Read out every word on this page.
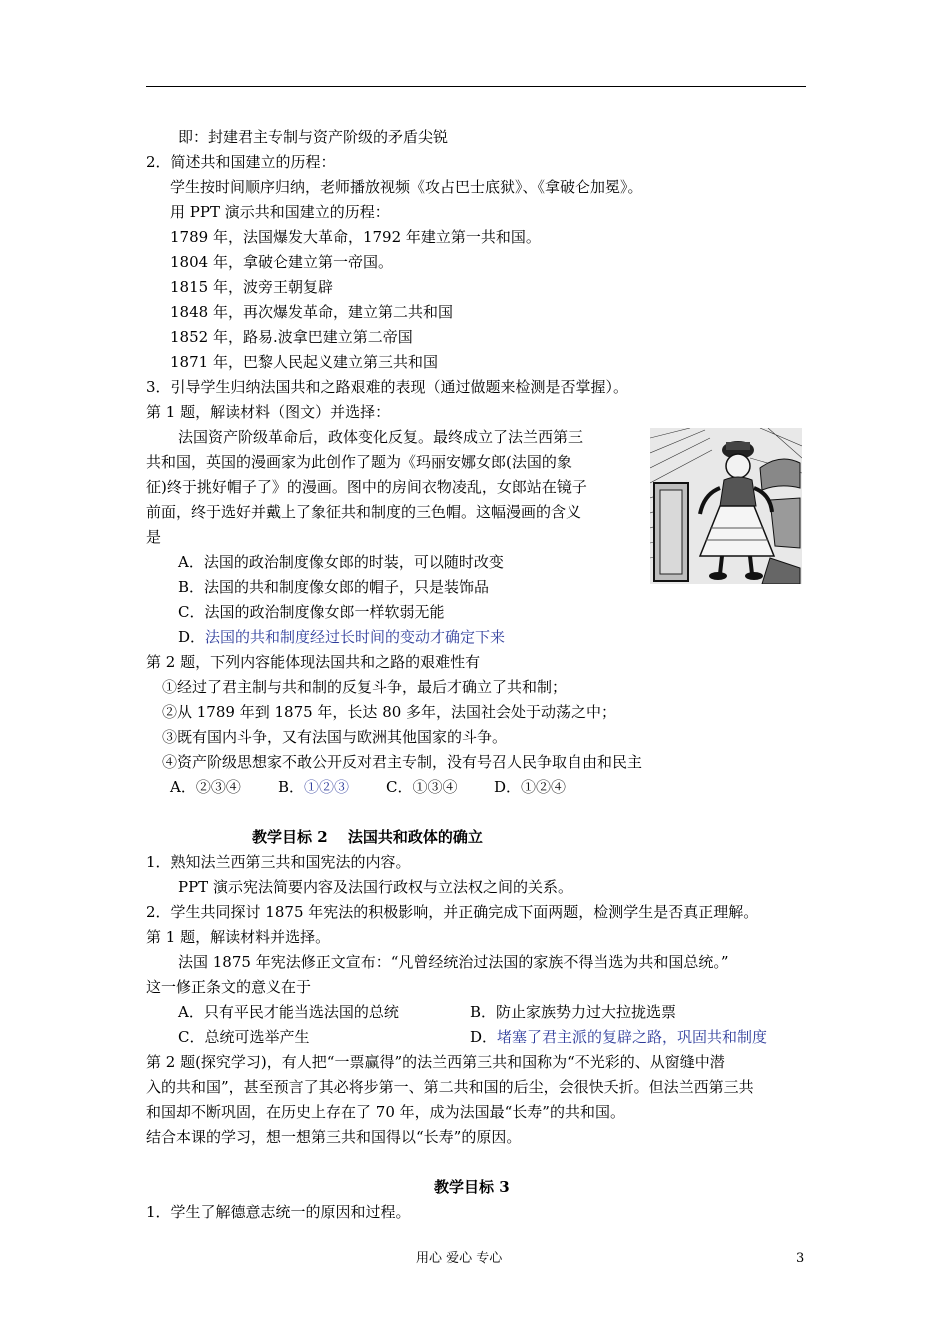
即：封建君主专制与资产阶级的矛盾尖锐
2．简述共和国建立的历程：
学生按时间顺序归纳，老师播放视频《攻占巴士底狱》、《拿破仑加冕》。
用 PPT 演示共和国建立的历程：
1789 年，法国爆发大革命，1792 年建立第一共和国。
1804 年，拿破仑建立第一帝国。
1815 年，波旁王朝复辟
1848 年，再次爆发革命，建立第二共和国
1852 年，路易.波拿巴建立第二帝国
1871 年，巴黎人民起义建立第三共和国
3．引导学生归纳法国共和之路艰难的表现（通过做题来检测是否掌握）。
第 1 题，解读材料（图文）并选择：
法国资产阶级革命后，政体变化反复。最终成立了法兰西第三
共和国，英国的漫画家为此创作了题为《玛丽安娜女郎(法国的象
征)终于挑好帽子了》的漫画。图中的房间衣物凌乱，女郎站在镜子
前面，终于选好并戴上了象征共和制度的三色帽。这幅漫画的含义
是
A．法国的政治制度像女郎的时装，可以随时改变
B．法国的共和制度像女郎的帽子，只是装饰品
C．法国的政治制度像女郎一样软弱无能
D．法国的共和制度经过长时间的变动才确定下来
第 2 题，下列内容能体现法国共和之路的艰难性有
①经过了君主制与共和制的反复斗争，最后才确立了共和制；
②从 1789 年到 1875 年，长达 80 多年，法国社会处于动荡之中；
③既有国内斗争，又有法国与欧洲其他国家的斗争。
④资产阶级思想家不敢公开反对君主专制，没有号召人民争取自由和民主
A．②③④ B．①②③ C．①③④ D．①②④
教学目标 2　 法国共和政体的确立
1．熟知法兰西第三共和国宪法的内容。
PPT 演示宪法简要内容及法国行政权与立法权之间的关系。
2．学生共同探讨 1875 年宪法的积极影响，并正确完成下面两题，检测学生是否真正理解。
第 1 题，解读材料并选择。
法国 1875 年宪法修正文宣布：“凡曾经统治过法国的家族不得当选为共和国总统。”
这一修正条文的意义在于
A．只有平民才能当选法国的总统	B．防止家族势力过大拉拢选票
C．总统可选举产生	D．堵塞了君主派的复辟之路，巩固共和制度
第 2 题(探究学习)，有人把“一票赢得”的法兰西第三共和国称为“不光彩的、从窗缝中潜
入的共和国”，甚至预言了其必将步第一、第二共和国的后尘，会很快夭折。但法兰西第三共
和国却不断巩固，在历史上存在了 70 年，成为法国最“长寿”的共和国。
结合本课的学习，想一想第三共和国得以“长寿”的原因。
教学目标 3
1．学生了解德意志统一的原因和过程。
用心 爱心 专心	3
